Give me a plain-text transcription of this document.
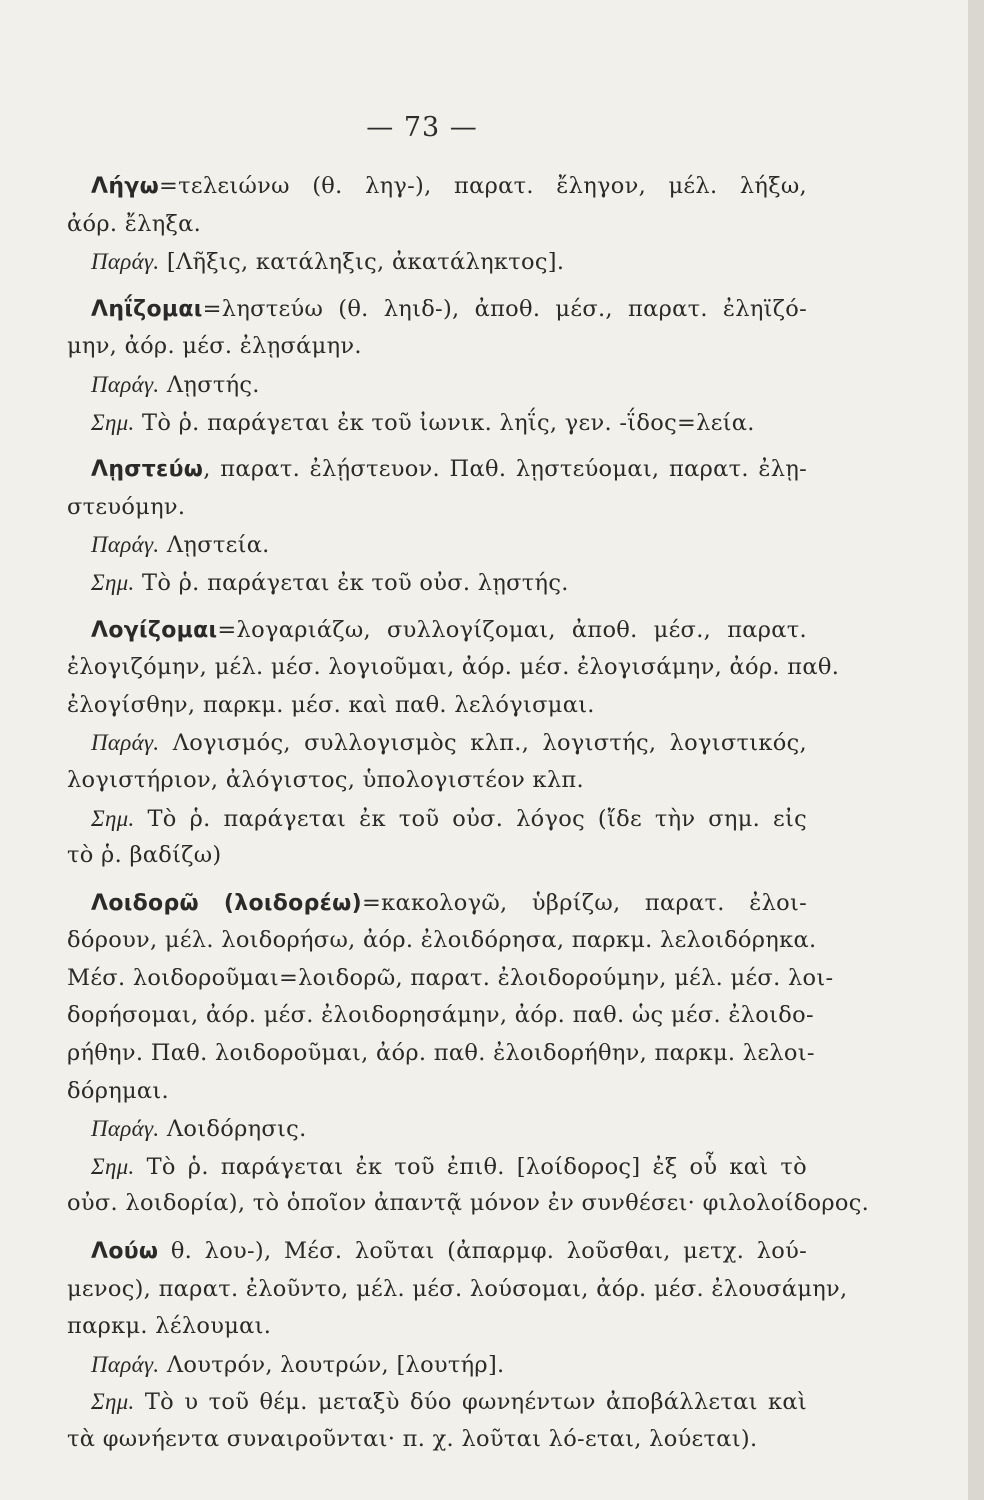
— 73 —
Λήγω=τελειώνω (θ. ληγ-), παρατ. ἔληγον, μέλ. λήξω,
ἀόρ. ἔληξα.
Παράγ. [Λῆξις, κατάληξις, ἀκατάληκτος].
Ληΐζομαι=ληστεύω (θ. ληιδ-), ἀποθ. μέσ., παρατ. ἐληϊζό-
μην, ἀόρ. μέσ. ἐλῃσάμην.
Παράγ. Λῃστής.
Σημ. Τὸ ῥ. παράγεται ἐκ τοῦ ἰωνικ. ληΐς, γεν. -ΐδος=λεία.
Λῃστεύω, παρατ. ἐλῄστευον. Παθ. λῃστεύομαι, παρατ. ἐλῃ-
στευόμην.
Παράγ. Λῃστεία.
Σημ. Τὸ ῥ. παράγεται ἐκ τοῦ οὐσ. λῃστής.
Λογίζομαι=λογαριάζω, συλλογίζομαι, ἀποθ. μέσ., παρατ.
ἐλογιζόμην, μέλ. μέσ. λογιοῦμαι, ἀόρ. μέσ. ἐλογισάμην, ἀόρ. παθ.
ἐλογίσθην, παρκμ. μέσ. καὶ παθ. λελόγισμαι.
Παράγ. Λογισμός, συλλογισμὸς κλπ., λογιστής, λογιστικός,
λογιστήριον, ἀλόγιστος, ὑπολογιστέον κλπ.
Σημ. Τὸ ῥ. παράγεται ἐκ τοῦ οὐσ. λόγος (ἴδε τὴν σημ. εἰς
τὸ ῥ. βαδίζω)
Λοιδορῶ (λοιδορέω)=κακολογῶ, ὑβρίζω, παρατ. ἐλοι-
δόρουν, μέλ. λοιδορήσω, ἀόρ. ἐλοιδόρησα, παρκμ. λελοιδόρηκα.
Μέσ. λοιδοροῦμαι=λοιδορῶ, παρατ. ἐλοιδορούμην, μέλ. μέσ. λοι-
δορήσομαι, ἀόρ. μέσ. ἐλοιδορησάμην, ἀόρ. παθ. ὡς μέσ. ἐλοιδο-
ρήθην. Παθ. λοιδοροῦμαι, ἀόρ. παθ. ἐλοιδορήθην, παρκμ. λελοι-
δόρημαι.
Παράγ. Λοιδόρησις.
Σημ. Τὸ ῥ. παράγεται ἐκ τοῦ ἐπιθ. [λοίδορος] ἐξ οὗ καὶ τὸ
οὐσ. λοιδορία), τὸ ὁποῖον ἀπαντᾷ μόνον ἐν συνθέσει· φιλολοίδορος.
Λούω θ. λου-), Μέσ. λοῦται (ἀπαρμφ. λοῦσθαι, μετχ. λού-
μενος), παρατ. ἐλοῦντο, μέλ. μέσ. λούσομαι, ἀόρ. μέσ. ἐλουσάμην,
παρκμ. λέλουμαι.
Παράγ. Λουτρόν, λουτρών, [λουτήρ].
Σημ. Τὸ υ τοῦ θέμ. μεταξὺ δύο φωνηέντων ἀποβάλλεται καὶ
τὰ φωνήεντα συναιροῦνται· π. χ. λοῦται λό-εται, λούεται).
